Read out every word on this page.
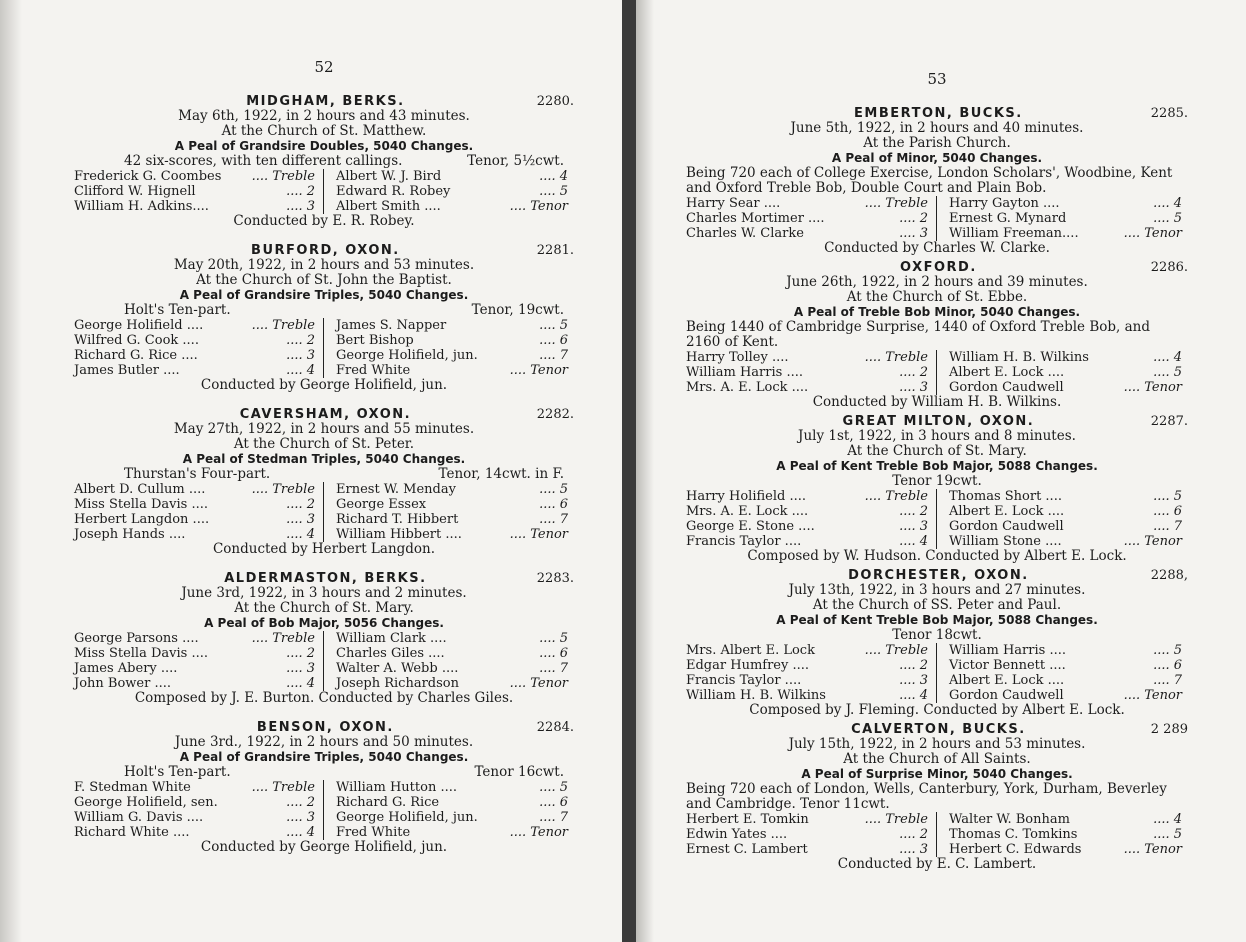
52
MIDGHAM, BERKS.	2280.
May 6th, 1922, in 2 hours and 43 minutes.
At the Church of St. Matthew.
A Peal of Grandsire Doubles, 5040 Changes.
42 six-scores, with ten different callings.	Tenor, 5½cwt.
Frederick G. Coombes .... Treble Albert W. J. Bird	.... 4
Clifford W. Hignell	.... 2 Edward R. Robey	.... 5
William H. Adkins....	.... 3 Albert Smith ....	.... Tenor
Conducted by E. R. Robey.
BURFORD, OXON.	2281.
May 20th, 1922, in 2 hours and 53 minutes.
At the Church of St. John the Baptist.
A Peal of Grandsire Triples, 5040 Changes.
Holt's Ten-part.	Tenor, 19cwt.
George Holifield ....	.... Treble James S. Napper	.... 5
Wilfred G. Cook ....	.... 2 Bert Bishop	.... 6
Richard G. Rice ....	.... 3 George Holifield, jun.	.... 7
James Butler ....	.... 4 Fred White	.... Tenor
Conducted by George Holifield, jun.
CAVERSHAM, OXON.	2282.
May 27th, 1922, in 2 hours and 55 minutes.
At the Church of St. Peter.
A Peal of Stedman Triples, 5040 Changes.
Thurstan's Four-part.	Tenor, 14cwt. in F.
Albert D. Cullum ....	.... Treble Ernest W. Menday	.... 5
Miss Stella Davis ....	.... 2 George Essex	.... 6
Herbert Langdon ....	.... 3 Richard T. Hibbert	.... 7
Joseph Hands ....	.... 4 William Hibbert ....	.... Tenor
Conducted by Herbert Langdon.
ALDERMASTON, BERKS.	2283.
June 3rd, 1922, in 3 hours and 2 minutes.
At the Church of St. Mary.
A Peal of Bob Major, 5056 Changes.
George Parsons ....	.... Treble William Clark ....	.... 5
Miss Stella Davis ....	.... 2 Charles Giles ....	.... 6
James Abery ....	.... 3 Walter A. Webb ....	.... 7
John Bower ....	.... 4 Joseph Richardson	.... Tenor
Composed by J. E. Burton. Conducted by Charles Giles.
BENSON, OXON.	2284.
June 3rd., 1922, in 2 hours and 50 minutes.
A Peal of Grandsire Triples, 5040 Changes.
Holt's Ten-part.	Tenor 16cwt.
F. Stedman White	.... Treble William Hutton ....	.... 5
George Holifield, sen.	.... 2 Richard G. Rice	.... 6
William G. Davis ....	.... 3 George Holifield, jun.	.... 7
Richard White ....	.... 4 Fred White	.... Tenor
Conducted by George Holifield, jun.
53
EMBERTON, BUCKS.	2285.
June 5th, 1922, in 2 hours and 40 minutes.
At the Parish Church.
A Peal of Minor, 5040 Changes.
Being 720 each of College Exercise, London Scholars', Woodbine, Kent and Oxford Treble Bob, Double Court and Plain Bob.
Harry Sear ....	.... Treble Harry Gayton ....	.... 4
Charles Mortimer ....	.... 2 Ernest G. Mynard	.... 5
Charles W. Clarke	.... 3 William Freeman....	.... Tenor
Conducted by Charles W. Clarke.
OXFORD.	2286.
June 26th, 1922, in 2 hours and 39 minutes.
At the Church of St. Ebbe.
A Peal of Treble Bob Minor, 5040 Changes.
Being 1440 of Cambridge Surprise, 1440 of Oxford Treble Bob, and 2160 of Kent.
Harry Tolley ....	.... Treble William H. B. Wilkins	.... 4
William Harris ....	.... 2 Albert E. Lock ....	.... 5
Mrs. A. E. Lock ....	.... 3 Gordon Caudwell	.... Tenor
Conducted by William H. B. Wilkins.
GREAT MILTON, OXON.	2287.
July 1st, 1922, in 3 hours and 8 minutes.
At the Church of St. Mary.
A Peal of Kent Treble Bob Major, 5088 Changes.
Tenor 19cwt.
Harry Holifield ....	.... Treble Thomas Short ....	.... 5
Mrs. A. E. Lock ....	.... 2 Albert E. Lock ....	.... 6
George E. Stone ....	.... 3 Gordon Caudwell	.... 7
Francis Taylor ....	.... 4 William Stone ....	.... Tenor
Composed by W. Hudson. Conducted by Albert E. Lock.
DORCHESTER, OXON.	2288,
July 13th, 1922, in 3 hours and 27 minutes.
At the Church of SS. Peter and Paul.
A Peal of Kent Treble Bob Major, 5088 Changes.
Tenor 18cwt.
Mrs. Albert E. Lock	.... Treble William Harris ....	.... 5
Edgar Humfrey ....	.... 2 Victor Bennett ....	.... 6
Francis Taylor ....	.... 3 Albert E. Lock ....	.... 7
William H. B. Wilkins	.... 4 Gordon Caudwell	.... Tenor
Composed by J. Fleming. Conducted by Albert E. Lock.
CALVERTON, BUCKS.	2 289
July 15th, 1922, in 2 hours and 53 minutes.
At the Church of All Saints.
A Peal of Surprise Minor, 5040 Changes.
Being 720 each of London, Wells, Canterbury, York, Durham, Beverley and Cambridge. Tenor 11cwt.
Herbert E. Tomkin	.... Treble Walter W. Bonham	.... 4
Edwin Yates ....	.... 2 Thomas C. Tomkins	.... 5
Ernest C. Lambert	.... 3 Herbert C. Edwards	.... Tenor
Conducted by E. C. Lambert.
